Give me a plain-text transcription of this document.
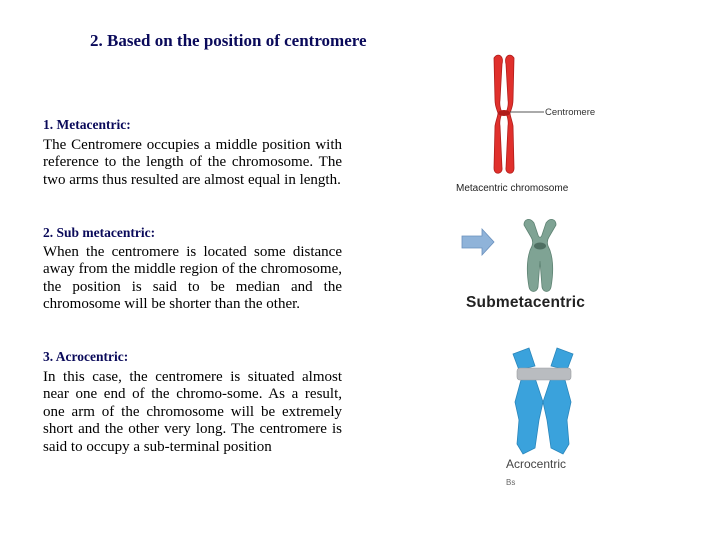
2. Based on the position of centromere
1. Metacentric:
The Centromere occupies a middle position with reference to the length of the chromosome. The two arms thus resulted are almost equal in length.
2. Sub metacentric:
When the centromere is located some distance away from the middle region of the chromosome, the position is said to be median and the chromosome will be shorter than the other.
3. Acrocentric:
In this case, the centromere is situated almost near one end of the chromo-some. As a result, one arm of the chromosome will be extremely short and the other very long. The centromere is said to occupy a sub-terminal position
Centromere
Metacentric chromosome
Submetacentric
Acrocentric
Bs
